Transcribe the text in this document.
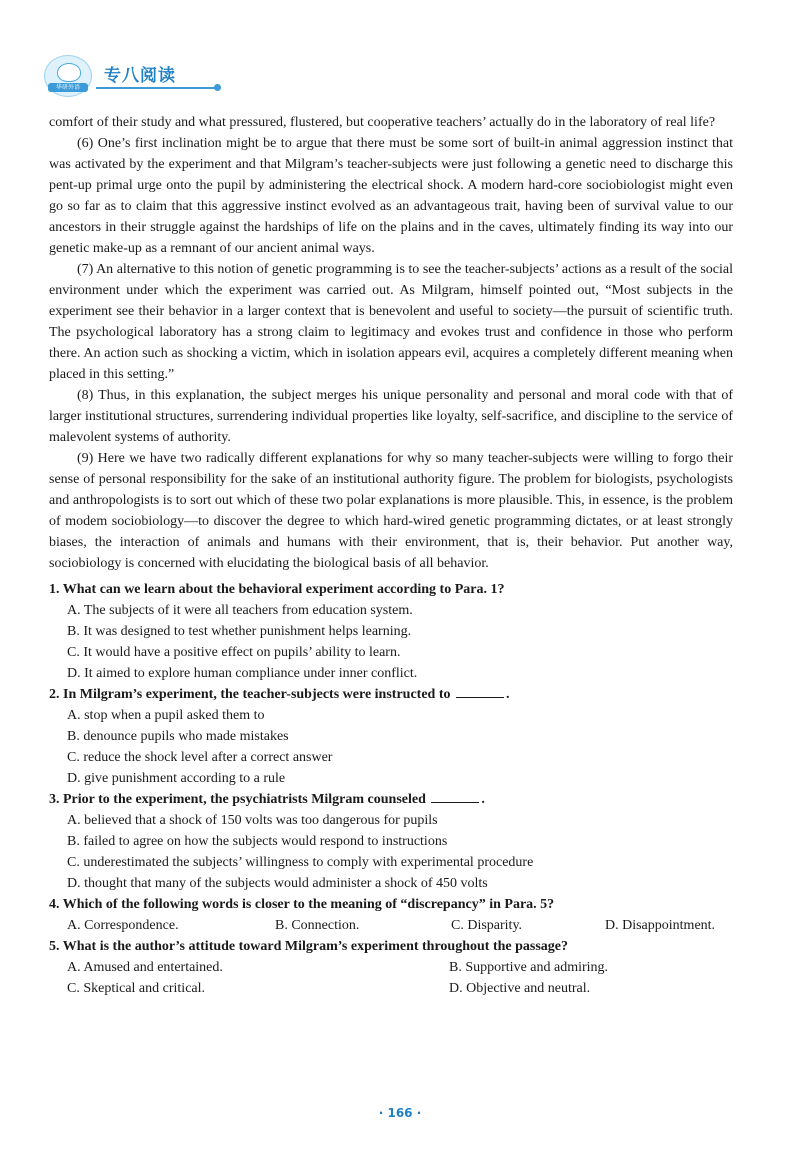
华研外语
专八阅读

comfort of their study and what pressured, flustered, but cooperative teachers’ actually do in the laboratory of real life?

(6) One’s first inclination might be to argue that there must be some sort of built-in animal aggression instinct that was activated by the experiment and that Milgram’s teacher-subjects were just following a genetic need to discharge this pent-up primal urge onto the pupil by administering the electrical shock. A modern hard-core sociobiologist might even go so far as to claim that this aggressive instinct evolved as an advantageous trait, having been of survival value to our ancestors in their struggle against the hardships of life on the plains and in the caves, ultimately finding its way into our genetic make-up as a remnant of our ancient animal ways.

(7) An alternative to this notion of genetic programming is to see the teacher-subjects’ actions as a result of the social environment under which the experiment was carried out. As Milgram, himself pointed out, “Most subjects in the experiment see their behavior in a larger context that is benevolent and useful to society—the pursuit of scientific truth. The psychological laboratory has a strong claim to legitimacy and evokes trust and confidence in those who perform there. An action such as shocking a victim, which in isolation appears evil, acquires a completely different meaning when placed in this setting.”

(8) Thus, in this explanation, the subject merges his unique personality and personal and moral code with that of larger institutional structures, surrendering individual properties like loyalty, self-sacrifice, and discipline to the service of malevolent systems of authority.

(9) Here we have two radically different explanations for why so many teacher-subjects were willing to forgo their sense of personal responsibility for the sake of an institutional authority figure. The problem for biologists, psychologists and anthropologists is to sort out which of these two polar explanations is more plausible. This, in essence, is the problem of modem sociobiology—to discover the degree to which hard-wired genetic programming dictates, or at least strongly biases, the interaction of animals and humans with their environment, that is, their behavior. Put another way, sociobiology is concerned with elucidating the biological basis of all behavior.

1. What can we learn about the behavioral experiment according to Para. 1?
A. The subjects of it were all teachers from education system.
B. It was designed to test whether punishment helps learning.
C. It would have a positive effect on pupils’ ability to learn.
D. It aimed to explore human compliance under inner conflict.
2. In Milgram’s experiment, the teacher-subjects were instructed to	.
A. stop when a pupil asked them to
B. denounce pupils who made mistakes
C. reduce the shock level after a correct answer
D. give punishment according to a rule
3. Prior to the experiment, the psychiatrists Milgram counseled	.
A. believed that a shock of 150 volts was too dangerous for pupils
B. failed to agree on how the subjects would respond to instructions
C. underestimated the subjects’ willingness to comply with experimental procedure
D. thought that many of the subjects would administer a shock of 450 volts
4. Which of the following words is closer to the meaning of “discrepancy” in Para. 5?
A. Correspondence.	B. Connection.	C. Disparity.	D. Disappointment.
5. What is the author’s attitude toward Milgram’s experiment throughout the passage?
A. Amused and entertained.	B. Supportive and admiring.
C. Skeptical and critical.	D. Objective and neutral.
· 166 ·
